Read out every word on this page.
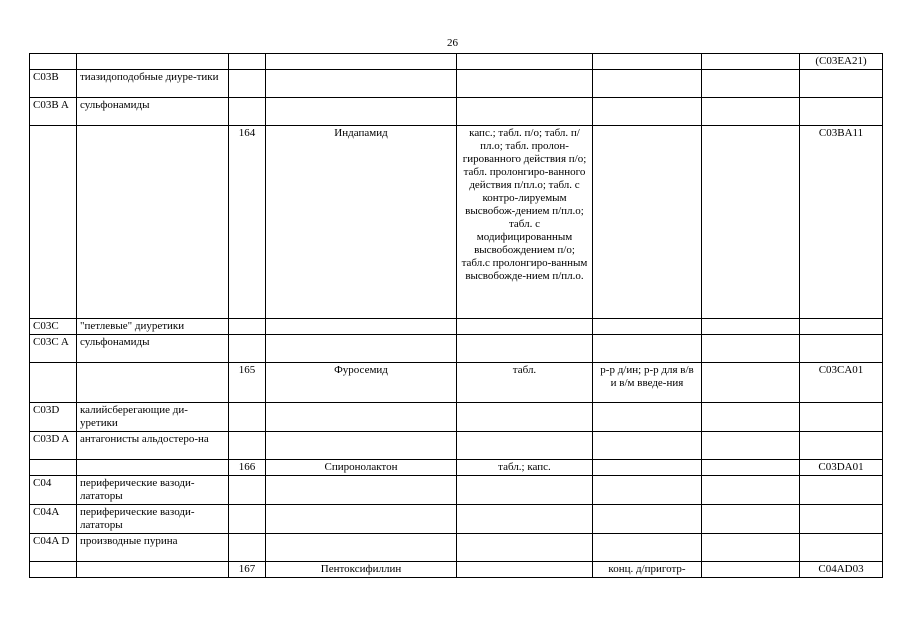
26
							(C03EA21)
C03B	тиазидоподобные диуре-тики						
C03B A	сульфонамиды						
		164	Индапамид	капс.; табл. п/о; табл. п/пл.о; табл. пролон-гированного действия п/о; табл. пролонгиро-ванного действия п/пл.о; табл. с контро-лируемым высвобож-дением п/пл.о; табл. с модифицированным высвобождением п/о; табл.с пролонгиро-ванным высвобожде-нием п/пл.о.			C03BA11
C03C	"петлевые" диуретики						
C03C A	сульфонамиды						
		165	Фуросемид	табл.	р-р д/ин; р-р для в/в и в/м введе-ния		C03CA01
C03D	калийсберегающие ди-уретики						
C03D A	антагонисты альдостеро-на						
		166	Спиронолактон	табл.; капс.			C03DA01
C04	периферические вазоди-лататоры						
C04A	периферические вазоди-лататоры						
C04A D	производные пурина						
		167	Пентоксифиллин		конц. д/приготр-		C04AD03
